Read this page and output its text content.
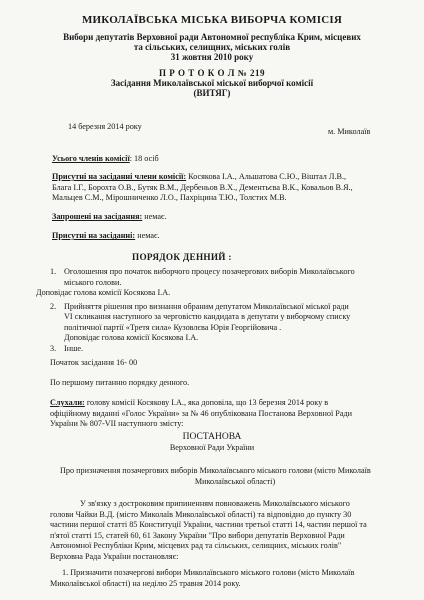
МИКОЛАЇВСЬКА МІСЬКА ВИБОРЧА КОМІСІЯ
Вибори депутатів Верховної ради Автономної республіка Крим, місцевих
та сільських, селищних, міських голів
31 жовтня 2010 року
П Р О Т О К О Л № 219
Засідання Миколаївської міської виборчої комісії
(ВИТЯГ)
14 березня 2014 року
м. Миколаїв
Усього членів комісії: 18 осіб
Присутні на засіданні члени комісії: Косякова І.А., Альшатова С.Ю., Віштал Л.В.,
Блага І.Г., Борохта О.В., Бутяк В.М., Дербеньов В.Х., Дементьєва В.К., Ковальов В.Я.,
Мальцев С.М., Мірошниченко Л.О., Пахріцина Т.Ю., Толстих М.В.
Запрошені на засідання: немає.
Присутні на засіданні: немає.
ПОРЯДОК ДЕННИЙ :
1. Оголошення про початок виборчого процесу позачергових виборів Миколаївського
міського голови.
Доповідає голова комісії Косякова І.А.
2. Прийняття рішення про визнання обраним депутатом Миколаївської міської ради
VI скликання наступного за черговістю кандидата в депутати у виборчому списку
політичної партії «Третя сила» Кузовлєва Юрія Георгійовича .
Доповідає голова комісії Косякова І.А.
3. Інше.
Початок засідання 16- 00
По першому питанню порядку денного.
Слухали: голову комісії Косякову І.А., яка доповіла, що 13 березня 2014 року в
офіційному виданні «Голос України» за № 46 опублікована Постанова Верховної Ради
України № 807-VII наступного змісту:
ПОСТАНОВА
Верховної Ради України
Про призначення позачергових виборів Миколаївського міського голови (місто Миколаїв
Миколаївської області)
У зв'язку з достроковим припиненням повноважень Миколаївського міського
голови Чайки В.Д. (місто Миколаїв Миколаївської області) та відповідно до пункту 30
частини першої статті 85 Конституції України, частини третьої статті 14, частин першої та
п'ятої статті 15, статей 60, 61 Закону України "Про вибори депутатів Верховної Ради
Автономної Республіки Крим, місцевих рад та сільських, селищних, міських голів"
Верховна Рада України постановляє:
1. Призначити позачергові вибори Миколаївського міського голови (місто Миколаїв
Миколаївської області) на неділю 25 травня 2014 року.
